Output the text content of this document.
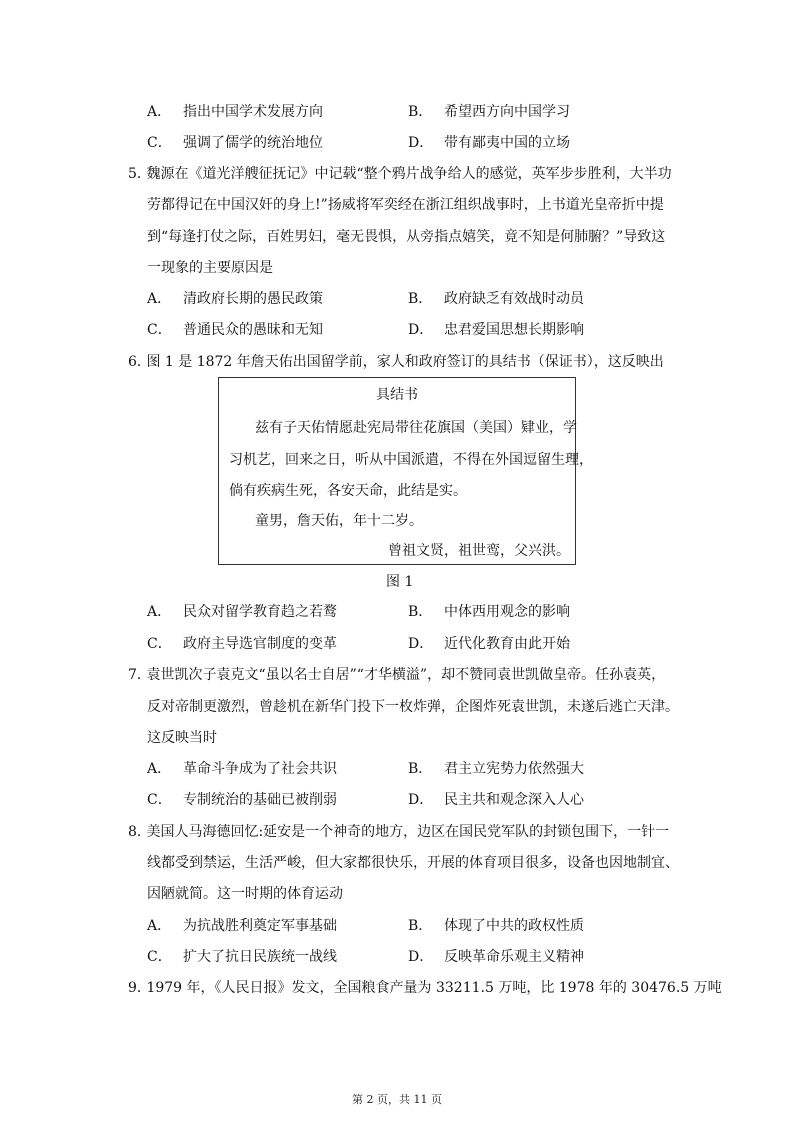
A． 指出中国学术发展方向	B． 希望西方向中国学习
C． 强调了儒学的统治地位	D． 带有鄙夷中国的立场
5． 魏源在《道光洋艘征抚记》中记载“整个鸦片战争给人的感觉，英军步步胜利，大半功
劳都得记在中国汉奸的身上!”扬威将军奕经在浙江组织战事时，上书道光皇帝折中提
到“每逢打仗之际，百姓男妇，毫无畏惧，从旁指点嬉笑，竟不知是何肺腑？”导致这
一现象的主要原因是
A． 清政府长期的愚民政策	B． 政府缺乏有效战时动员
C． 普通民众的愚昧和无知	D． 忠君爱国思想长期影响
6． 图 1 是 1872 年詹天佑出国留学前，家人和政府签订的具结书（保证书），这反映出
具结书
兹有子天佑情愿赴宪局带往花旗国（美国）肄业，学
习机艺，回来之日，听从中国派遣，不得在外国逗留生理，
倘有疾病生死，各安天命，此结是实。
童男，詹天佑，年十二岁。
曾祖文贤，祖世鸾，父兴洪。
图 1
A． 民众对留学教育趋之若鹜	B． 中体西用观念的影响
C． 政府主导选官制度的变革	D． 近代化教育由此开始
7． 袁世凯次子袁克文“虽以名士自居”“才华横溢”，却不赞同袁世凯做皇帝。任孙袁英，
反对帝制更激烈，曾趁机在新华门投下一枚炸弹，企图炸死袁世凯，未遂后逃亡天津。
这反映当时
A． 革命斗争成为了社会共识	B． 君主立宪势力依然强大
C． 专制统治的基础已被削弱	D． 民主共和观念深入人心
8． 美国人马海德回忆:延安是一个神奇的地方，边区在国民党军队的封锁包围下，一针一
线都受到禁运，生活严峻，但大家都很快乐，开展的体育项目很多，设备也因地制宜、
因陋就简。这一时期的体育运动
A． 为抗战胜利奠定军事基础	B． 体现了中共的政权性质
C． 扩大了抗日民族统一战线	D． 反映革命乐观主义精神
9． 1979 年，《人民日报》发文，全国粮食产量为 33211.5 万吨，比 1978 年的 30476.5 万吨
第 2 页，共 11 页
